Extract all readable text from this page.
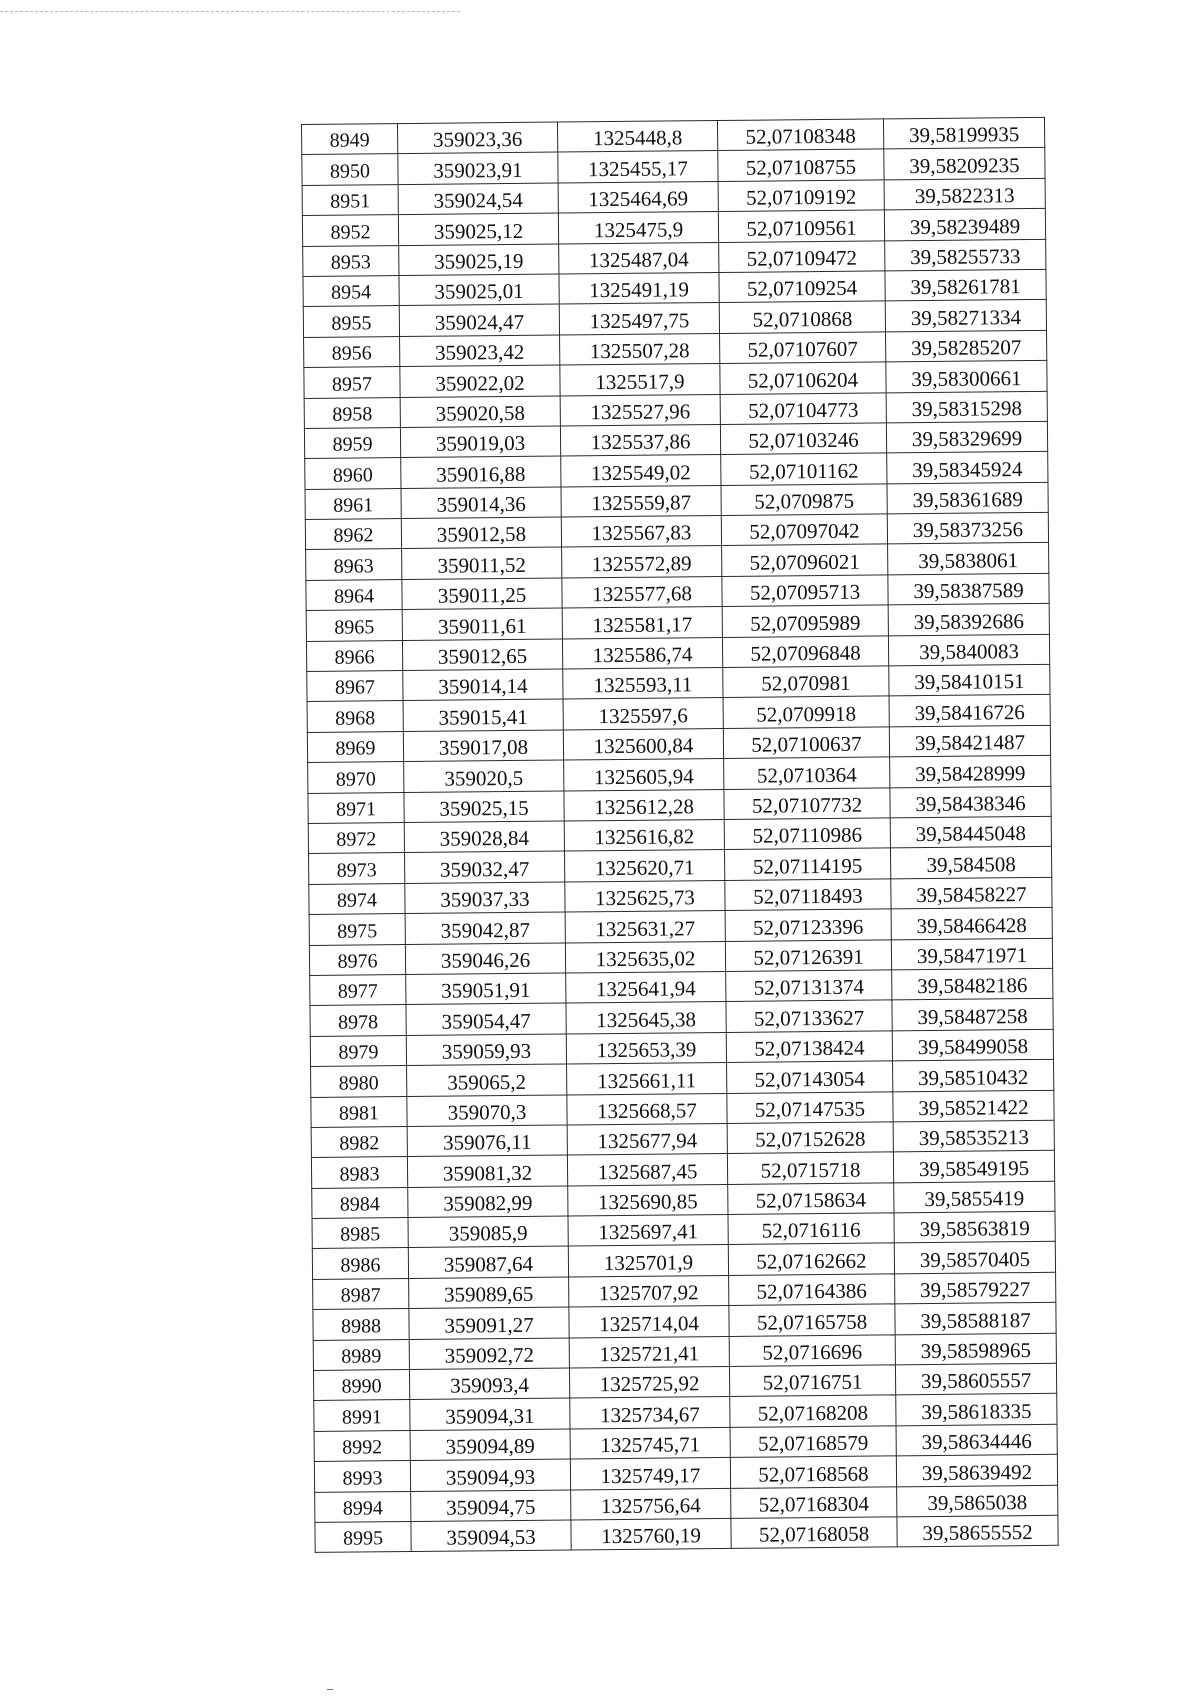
8949	359023,36	1325448,8	52,07108348	39,58199935
8950	359023,91	1325455,17	52,07108755	39,58209235
8951	359024,54	1325464,69	52,07109192	39,5822313
8952	359025,12	1325475,9	52,07109561	39,58239489
8953	359025,19	1325487,04	52,07109472	39,58255733
8954	359025,01	1325491,19	52,07109254	39,58261781
8955	359024,47	1325497,75	52,0710868	39,58271334
8956	359023,42	1325507,28	52,07107607	39,58285207
8957	359022,02	1325517,9	52,07106204	39,58300661
8958	359020,58	1325527,96	52,07104773	39,58315298
8959	359019,03	1325537,86	52,07103246	39,58329699
8960	359016,88	1325549,02	52,07101162	39,58345924
8961	359014,36	1325559,87	52,0709875	39,58361689
8962	359012,58	1325567,83	52,07097042	39,58373256
8963	359011,52	1325572,89	52,07096021	39,5838061
8964	359011,25	1325577,68	52,07095713	39,58387589
8965	359011,61	1325581,17	52,07095989	39,58392686
8966	359012,65	1325586,74	52,07096848	39,5840083
8967	359014,14	1325593,11	52,070981	39,58410151
8968	359015,41	1325597,6	52,0709918	39,58416726
8969	359017,08	1325600,84	52,07100637	39,58421487
8970	359020,5	1325605,94	52,0710364	39,58428999
8971	359025,15	1325612,28	52,07107732	39,58438346
8972	359028,84	1325616,82	52,07110986	39,58445048
8973	359032,47	1325620,71	52,07114195	39,584508
8974	359037,33	1325625,73	52,07118493	39,58458227
8975	359042,87	1325631,27	52,07123396	39,58466428
8976	359046,26	1325635,02	52,07126391	39,58471971
8977	359051,91	1325641,94	52,07131374	39,58482186
8978	359054,47	1325645,38	52,07133627	39,58487258
8979	359059,93	1325653,39	52,07138424	39,58499058
8980	359065,2	1325661,11	52,07143054	39,58510432
8981	359070,3	1325668,57	52,07147535	39,58521422
8982	359076,11	1325677,94	52,07152628	39,58535213
8983	359081,32	1325687,45	52,0715718	39,58549195
8984	359082,99	1325690,85	52,07158634	39,5855419
8985	359085,9	1325697,41	52,0716116	39,58563819
8986	359087,64	1325701,9	52,07162662	39,58570405
8987	359089,65	1325707,92	52,07164386	39,58579227
8988	359091,27	1325714,04	52,07165758	39,58588187
8989	359092,72	1325721,41	52,0716696	39,58598965
8990	359093,4	1325725,92	52,0716751	39,58605557
8991	359094,31	1325734,67	52,07168208	39,58618335
8992	359094,89	1325745,71	52,07168579	39,58634446
8993	359094,93	1325749,17	52,07168568	39,58639492
8994	359094,75	1325756,64	52,07168304	39,5865038
8995	359094,53	1325760,19	52,07168058	39,58655552
